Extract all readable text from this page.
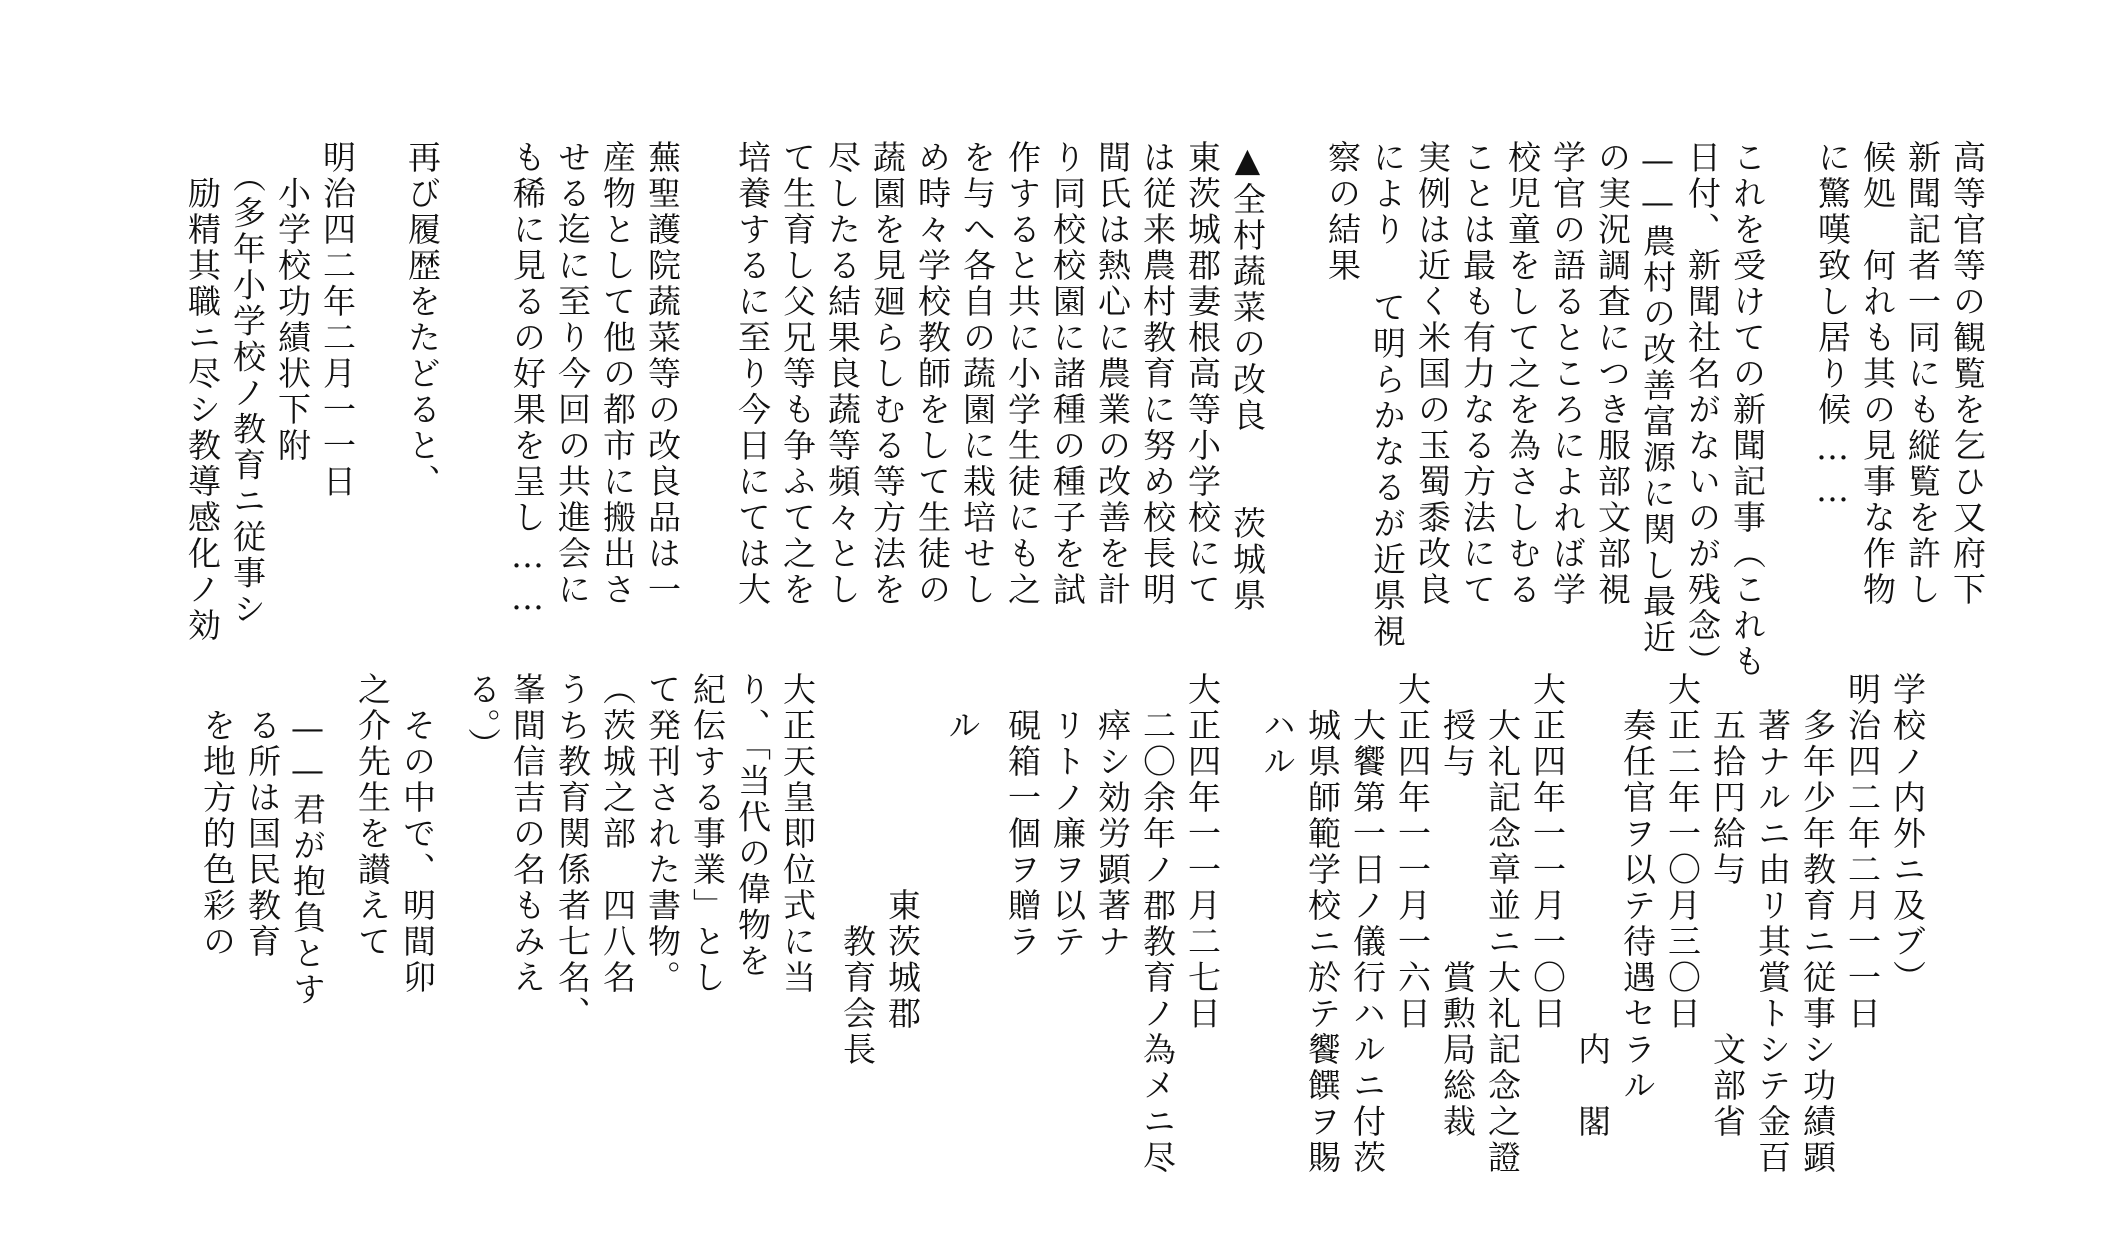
高等官等の観覧を乞ひ又府下
新聞記者一同にも縦覧を許し
候処　何れも其の見事な作物
に驚嘆致し居り候……
これを受けての新聞記事（これも
日付、新聞社名がないのが残念）
——農村の改善富源に関し最近
の実況調査につき服部文部視
学官の語るところによれば学
校児童をして之を為さしむる
ことは最も有力なる方法にて
実例は近く米国の玉蜀黍改良
により て明らかなるが近県視
察の結果
▲全村蔬菜の改良　　茨城県
東茨城郡妻根高等小学校にて
は従来農村教育に努め校長明
間氏は熱心に農業の改善を計
り同校校園に諸種の種子を試
作すると共に小学生徒にも之
を与へ各自の蔬園に栽培せし
め時々学校教師をして生徒の
蔬園を見廻らしむる等方法を
尽したる結果良蔬等頻々とし
て生育し父兄等も争ふて之を
培養するに至り今日にては大
蕪聖護院蔬菜等の改良品は一
産物として他の都市に搬出さ
せる迄に至り今回の共進会に
も稀に見るの好果を呈し……
再び履歴をたどると、
明治四二年二月一一日
　小学校功績状下附
　（多年小学校ノ教育ニ従事シ
　励精其職ニ尽シ教導感化ノ効
学校ノ内外ニ及ブ）
明治四二年二月一一日
　多年少年教育ニ従事シ功績顕
　著ナルニ由リ其賞トシテ金百
　五拾円給与　　　　文部省
大正二年一〇月三〇日
　奏任官ヲ以テ待遇セラル
　　　　　　　　　　内　閣
大正四年一一月一〇日
　大礼記念章並ニ大礼記念之證
　授与　　　　　賞勲局総裁
大正四年一一月一六日
　大饗第一日ノ儀行ハルニ付茨
　城県師範学校ニ於テ饗饌ヲ賜
　ハル
大正四年一一月二七日
　二〇余年ノ郡教育ノ為メニ尽
　瘁シ効労顕著ナ
　リトノ廉ヲ以テ
　硯箱一個ヲ贈ラ
　ル
　　　　　　東茨城郡
　　　　　　　教育会長
大正天皇即位式に当
り、「当代の偉物を
紀伝する事業」とし
て発刊された書物。
（茨城之部　四八名
うち教育関係者七名、
峯間信吉の名もみえ
る。）
　その中で、明間卯
之介先生を讃えて
　——君が抱負とす
　る所は国民教育
　を地方的色彩の
